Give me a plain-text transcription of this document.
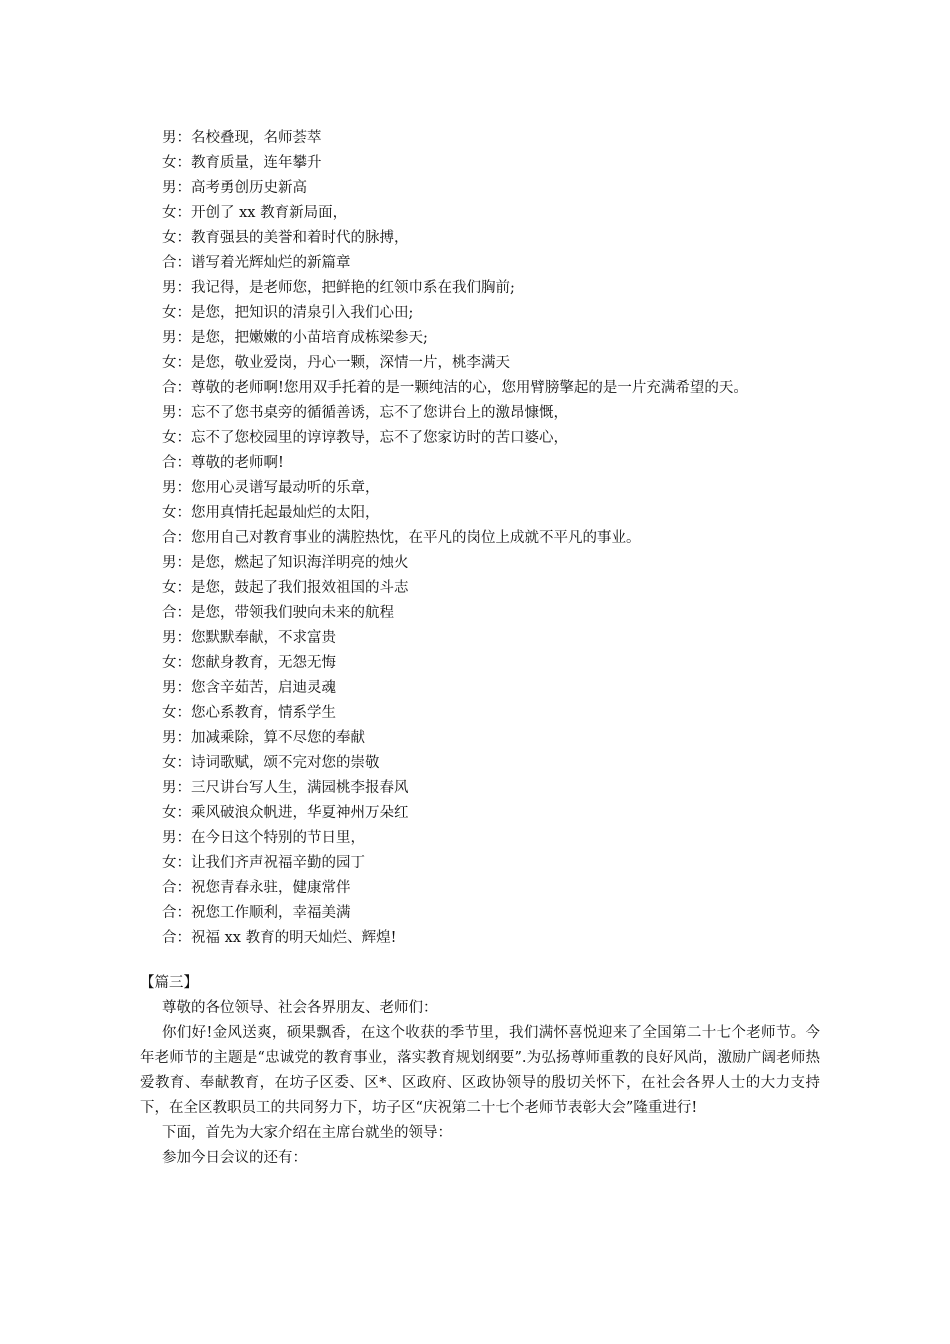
男：名校叠现，名师荟萃
女：教育质量，连年攀升
男：高考勇创历史新高
女：开创了 xx 教育新局面，
女：教育强县的美誉和着时代的脉搏，
合：谱写着光辉灿烂的新篇章
男：我记得，是老师您，把鲜艳的红领巾系在我们胸前;
女：是您，把知识的清泉引入我们心田;
男：是您，把嫩嫩的小苗培育成栋梁参天;
女：是您，敬业爱岗，丹心一颗，深情一片，桃李满天
合：尊敬的老师啊!您用双手托着的是一颗纯洁的心，您用臂膀擎起的是一片充满希望的天。
男：忘不了您书桌旁的循循善诱，忘不了您讲台上的激昂慷慨，
女：忘不了您校园里的谆谆教导，忘不了您家访时的苦口婆心，
合：尊敬的老师啊!
男：您用心灵谱写最动听的乐章，
女：您用真情托起最灿烂的太阳，
合：您用自己对教育事业的满腔热忱，在平凡的岗位上成就不平凡的事业。
男：是您，燃起了知识海洋明亮的烛火
女：是您，鼓起了我们报效祖国的斗志
合：是您，带领我们驶向未来的航程
男：您默默奉献，不求富贵
女：您献身教育，无怨无悔
男：您含辛茹苦，启迪灵魂
女：您心系教育，情系学生
男：加减乘除，算不尽您的奉献
女：诗词歌赋，颂不完对您的崇敬
男：三尺讲台写人生，满园桃李报春风
女：乘风破浪众帆进，华夏神州万朵红
男：在今日这个特别的节日里，
女：让我们齐声祝福辛勤的园丁
合：祝您青春永驻，健康常伴
合：祝您工作顺利，幸福美满
合：祝福 xx 教育的明天灿烂、辉煌!
【篇三】

尊敬的各位领导、社会各界朋友、老师们：

你们好!金风送爽，硕果飘香，在这个收获的季节里，我们满怀喜悦迎来了全国第二十七个老师节。今年老师节的主题是“忠诚党的教育事业，落实教育规划纲要”.为弘扬尊师重教的良好风尚，激励广阔老师热爱教育、奉献教育，在坊子区委、区*、区政府、区政协领导的殷切关怀下，在社会各界人士的大力支持下，在全区教职员工的共同努力下，坊子区“庆祝第二十七个老师节表彰大会”隆重进行!

下面，首先为大家介绍在主席台就坐的领导：

参加今日会议的还有：
